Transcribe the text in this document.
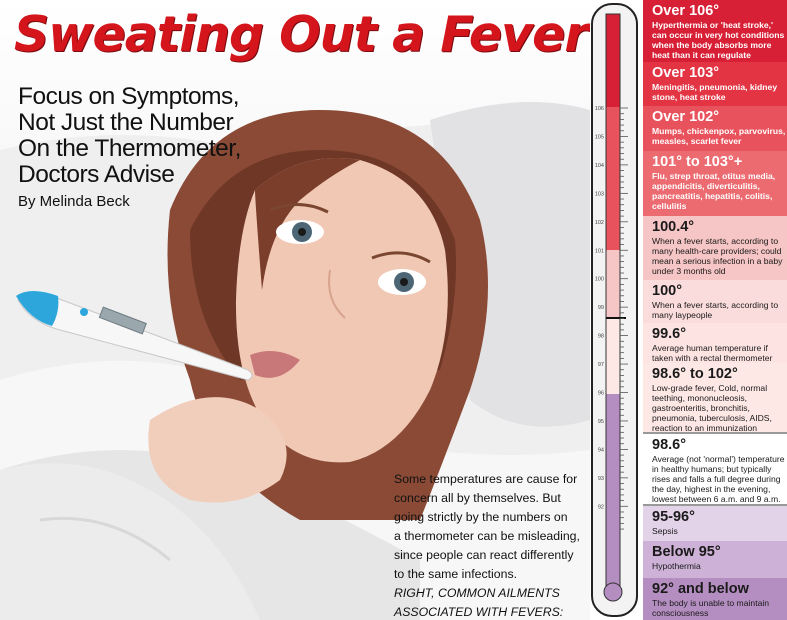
Sweating Out a Fever
Focus on Symptoms,
Not Just the Number
On the Thermometer,
Doctors Advise
By Melinda Beck
Some temperatures are cause for
concern all by themselves. But
going strictly by the numbers on
a thermometer can be misleading,
since people can react differently
to the same infections.
RIGHT, COMMON AILMENTS
ASSOCIATED WITH FEVERS:
106
105
104
103
102
101
100
99
98
97
96
95
94
93
92
Over 106°
Hyperthermia or 'heat stroke,' can occur in very hot conditions when the body absorbs more heat than it can regulate
Over 103°
Meningitis, pneumonia, kidney stone, heat stroke
Over 102°
Mumps, chickenpox, parvovirus, measles, scarlet fever
101° to 103°+
Flu, strep throat, otitus media, appendicitis, diverticulitis, pancreatitis, hepatitis, colitis, cellulitis
100.4°
When a fever starts, according to many health-care providers; could mean a serious infection in a baby under 3 months old
100°
When a fever starts, according to many laypeople
99.6°
Average human temperature if taken with a rectal thermometer
98.6° to 102°
Low-grade fever, Cold, normal teething, mononucleosis, gastroenteritis, bronchitis, pneumonia, tuberculosis, AIDS, reaction to an immunization
98.6°
Average (not 'normal') temperature in healthy humans; but typically rises and falls a full degree during the day, highest in the evening, lowest between 6 a.m. and 9 a.m.
95-96°
Sepsis
Below 95°
Hypothermia
92° and below
The body is unable to maintain consciousness
